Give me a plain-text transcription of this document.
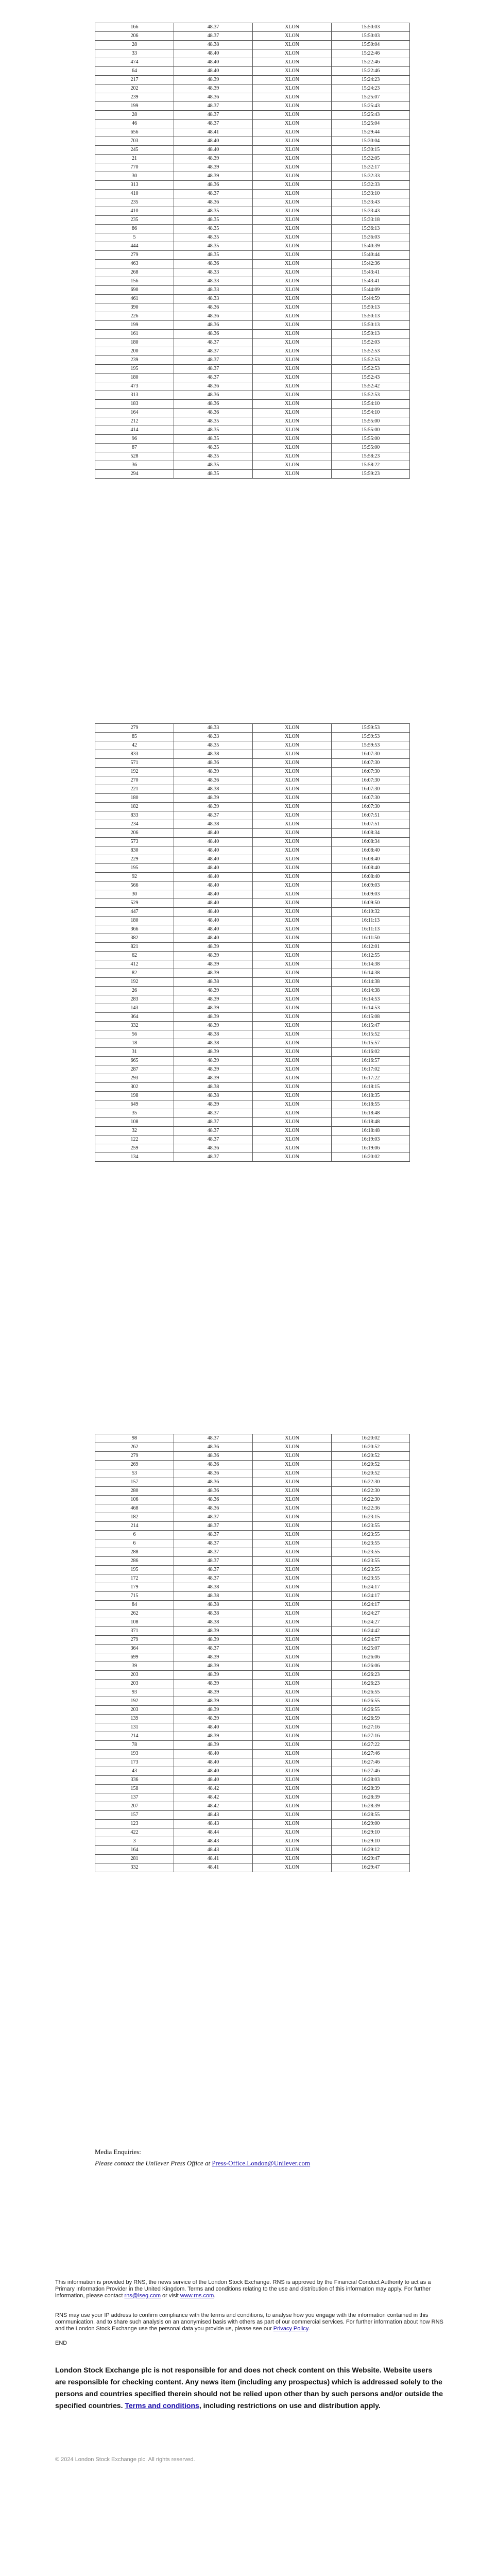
166	48.37	XLON	15:50:03
206	48.37	XLON	15:50:03
28	48.38	XLON	15:50:04
33	48.40	XLON	15:22:46
474	48.40	XLON	15:22:46
64	48.40	XLON	15:22:46
217	48.39	XLON	15:24:23
202	48.39	XLON	15:24:23
239	48.36	XLON	15:25:07
199	48.37	XLON	15:25:43
28	48.37	XLON	15:25:43
46	48.37	XLON	15:25:04
656	48.41	XLON	15:29:44
703	48.40	XLON	15:30:04
245	48.40	XLON	15:30:15
21	48.39	XLON	15:32:05
770	48.39	XLON	15:32:17
30	48.39	XLON	15:32:33
313	48.36	XLON	15:32:33
410	48.37	XLON	15:33:10
235	48.36	XLON	15:33:43
410	48.35	XLON	15:33:43
235	48.35	XLON	15:33:18
86	48.35	XLON	15:36:13
5	48.35	XLON	15:36:03
444	48.35	XLON	15:40:39
279	48.35	XLON	15:40:44
463	48.36	XLON	15:42:36
268	48.33	XLON	15:43:41
156	48.33	XLON	15:43:41
690	48.33	XLON	15:44:09
461	48.33	XLON	15:44:59
390	48.36	XLON	15:50:13
226	48.36	XLON	15:50:13
199	48.36	XLON	15:50:13
161	48.36	XLON	15:50:13
180	48.37	XLON	15:52:03
200	48.37	XLON	15:52:53
239	48.37	XLON	15:52:53
195	48.37	XLON	15:52:53
180	48.37	XLON	15:52:43
473	48.36	XLON	15:52:42
313	48.36	XLON	15:52:53
183	48.36	XLON	15:54:10
164	48.36	XLON	15:54:10
212	48.35	XLON	15:55:00
414	48.35	XLON	15:55:00
96	48.35	XLON	15:55:00
87	48.35	XLON	15:55:00
528	48.35	XLON	15:58:23
36	48.35	XLON	15:58:22
294	48.35	XLON	15:59:23
279	48.33	XLON	15:59:53
85	48.33	XLON	15:59:53
42	48.35	XLON	15:59:53
833	48.38	XLON	16:07:30
571	48.36	XLON	16:07:30
192	48.39	XLON	16:07:30
270	48.36	XLON	16:07:30
221	48.38	XLON	16:07:30
180	48.39	XLON	16:07:30
182	48.39	XLON	16:07:30
833	48.37	XLON	16:07:51
234	48.38	XLON	16:07:51
206	48.40	XLON	16:08:34
573	48.40	XLON	16:08:34
830	48.40	XLON	16:08:40
229	48.40	XLON	16:08:40
195	48.40	XLON	16:08:40
92	48.40	XLON	16:08:40
566	48.40	XLON	16:09:03
30	48.40	XLON	16:09:03
529	48.40	XLON	16:09:50
447	48.40	XLON	16:10:32
180	48.40	XLON	16:11:13
366	48.40	XLON	16:11:13
382	48.40	XLON	16:11:50
821	48.39	XLON	16:12:01
62	48.39	XLON	16:12:55
412	48.39	XLON	16:14:38
82	48.39	XLON	16:14:38
192	48.38	XLON	16:14:38
26	48.39	XLON	16:14:38
283	48.39	XLON	16:14:53
143	48.39	XLON	16:14:53
364	48.39	XLON	16:15:08
332	48.39	XLON	16:15:47
56	48.38	XLON	16:15:52
18	48.38	XLON	16:15:57
31	48.39	XLON	16:16:02
665	48.39	XLON	16:16:57
287	48.39	XLON	16:17:02
293	48.39	XLON	16:17:22
302	48.38	XLON	16:18:15
198	48.38	XLON	16:18:35
649	48.39	XLON	16:18:55
35	48.37	XLON	16:18:48
108	48.37	XLON	16:18:48
32	48.37	XLON	16:18:48
122	48.37	XLON	16:19:03
259	48.36	XLON	16:19:06
134	48.37	XLON	16:20:02
98	48.37	XLON	16:20:02
262	48.36	XLON	16:20:52
279	48.36	XLON	16:20:52
269	48.36	XLON	16:20:52
53	48.36	XLON	16:20:52
157	48.36	XLON	16:22:30
280	48.36	XLON	16:22:30
106	48.36	XLON	16:22:30
468	48.36	XLON	16:22:36
182	48.37	XLON	16:23:15
214	48.37	XLON	16:23:55
6	48.37	XLON	16:23:55
6	48.37	XLON	16:23:55
288	48.37	XLON	16:23:55
286	48.37	XLON	16:23:55
195	48.37	XLON	16:23:55
172	48.37	XLON	16:23:55
179	48.38	XLON	16:24:17
715	48.38	XLON	16:24:17
84	48.38	XLON	16:24:17
262	48.38	XLON	16:24:27
108	48.38	XLON	16:24:27
371	48.39	XLON	16:24:42
279	48.39	XLON	16:24:57
364	48.37	XLON	16:25:07
699	48.39	XLON	16:26:06
39	48.39	XLON	16:26:06
203	48.39	XLON	16:26:23
203	48.39	XLON	16:26:23
93	48.39	XLON	16:26:55
192	48.39	XLON	16:26:55
203	48.39	XLON	16:26:55
139	48.39	XLON	16:26:59
131	48.40	XLON	16:27:16
214	48.39	XLON	16:27:16
78	48.39	XLON	16:27:22
193	48.40	XLON	16:27:46
173	48.40	XLON	16:27:46
43	48.40	XLON	16:27:46
336	48.40	XLON	16:28:03
158	48.42	XLON	16:28:39
137	48.42	XLON	16:28:39
207	48.42	XLON	16:28:39
157	48.43	XLON	16:28:55
123	48.43	XLON	16:29:00
422	48.44	XLON	16:29:10
3	48.43	XLON	16:29:10
164	48.43	XLON	16:29:12
281	48.41	XLON	16:29:47
332	48.41	XLON	16:29:47
Media Enquiries:
Please contact the Unilever Press Office at Press-Office.London@Unilever.com
This information is provided by RNS, the news service of the London Stock Exchange. RNS is approved by the Financial Conduct Authority to act as a Primary Information Provider in the United Kingdom. Terms and conditions relating to the use and distribution of this information may apply. For further information, please contact rns@lseg.com or visit www.rns.com.
RNS may use your IP address to confirm compliance with the terms and conditions, to analyse how you engage with the information contained in this communication, and to share such analysis on an anonymised basis with others as part of our commercial services. For further information about how RNS and the London Stock Exchange use the personal data you provide us, please see our Privacy Policy.
END
London Stock Exchange plc is not responsible for and does not check content on this Website. Website users are responsible for checking content. Any news item (including any prospectus) which is addressed solely to the persons and countries specified therein should not be relied upon other than by such persons and/or outside the specified countries. Terms and conditions, including restrictions on use and distribution apply.
© 2024 London Stock Exchange plc. All rights reserved.
